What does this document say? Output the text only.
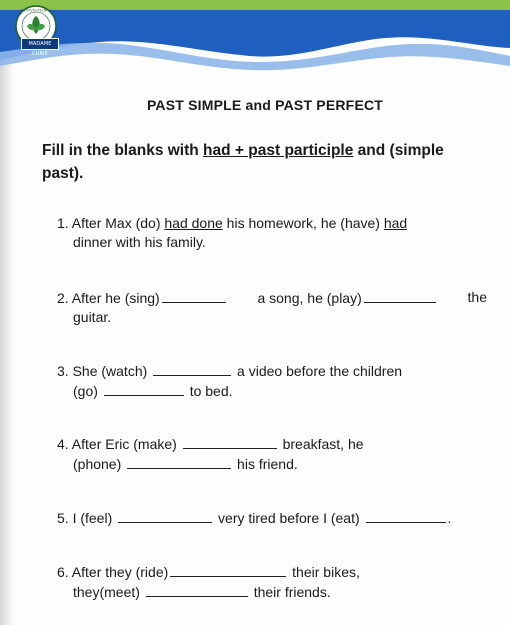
INSTITUTO TÉCNICO
MADAME CURIE
PAST SIMPLE and PAST PERFECT
Fill in the blanks with had + past participle and (simple past).
1. After Max (do) had done his homework, he (have) had
dinner with his family.
2. After he (sing)	a song, he (play)	the
guitar.
3. She (watch)	a video before the children
(go)	to bed.
4. After Eric (make)	breakfast, he
(phone)	his friend.
5. I (feel)	very tired before I (eat)	.
6. After they (ride)	their bikes,
they(meet)	their friends.
